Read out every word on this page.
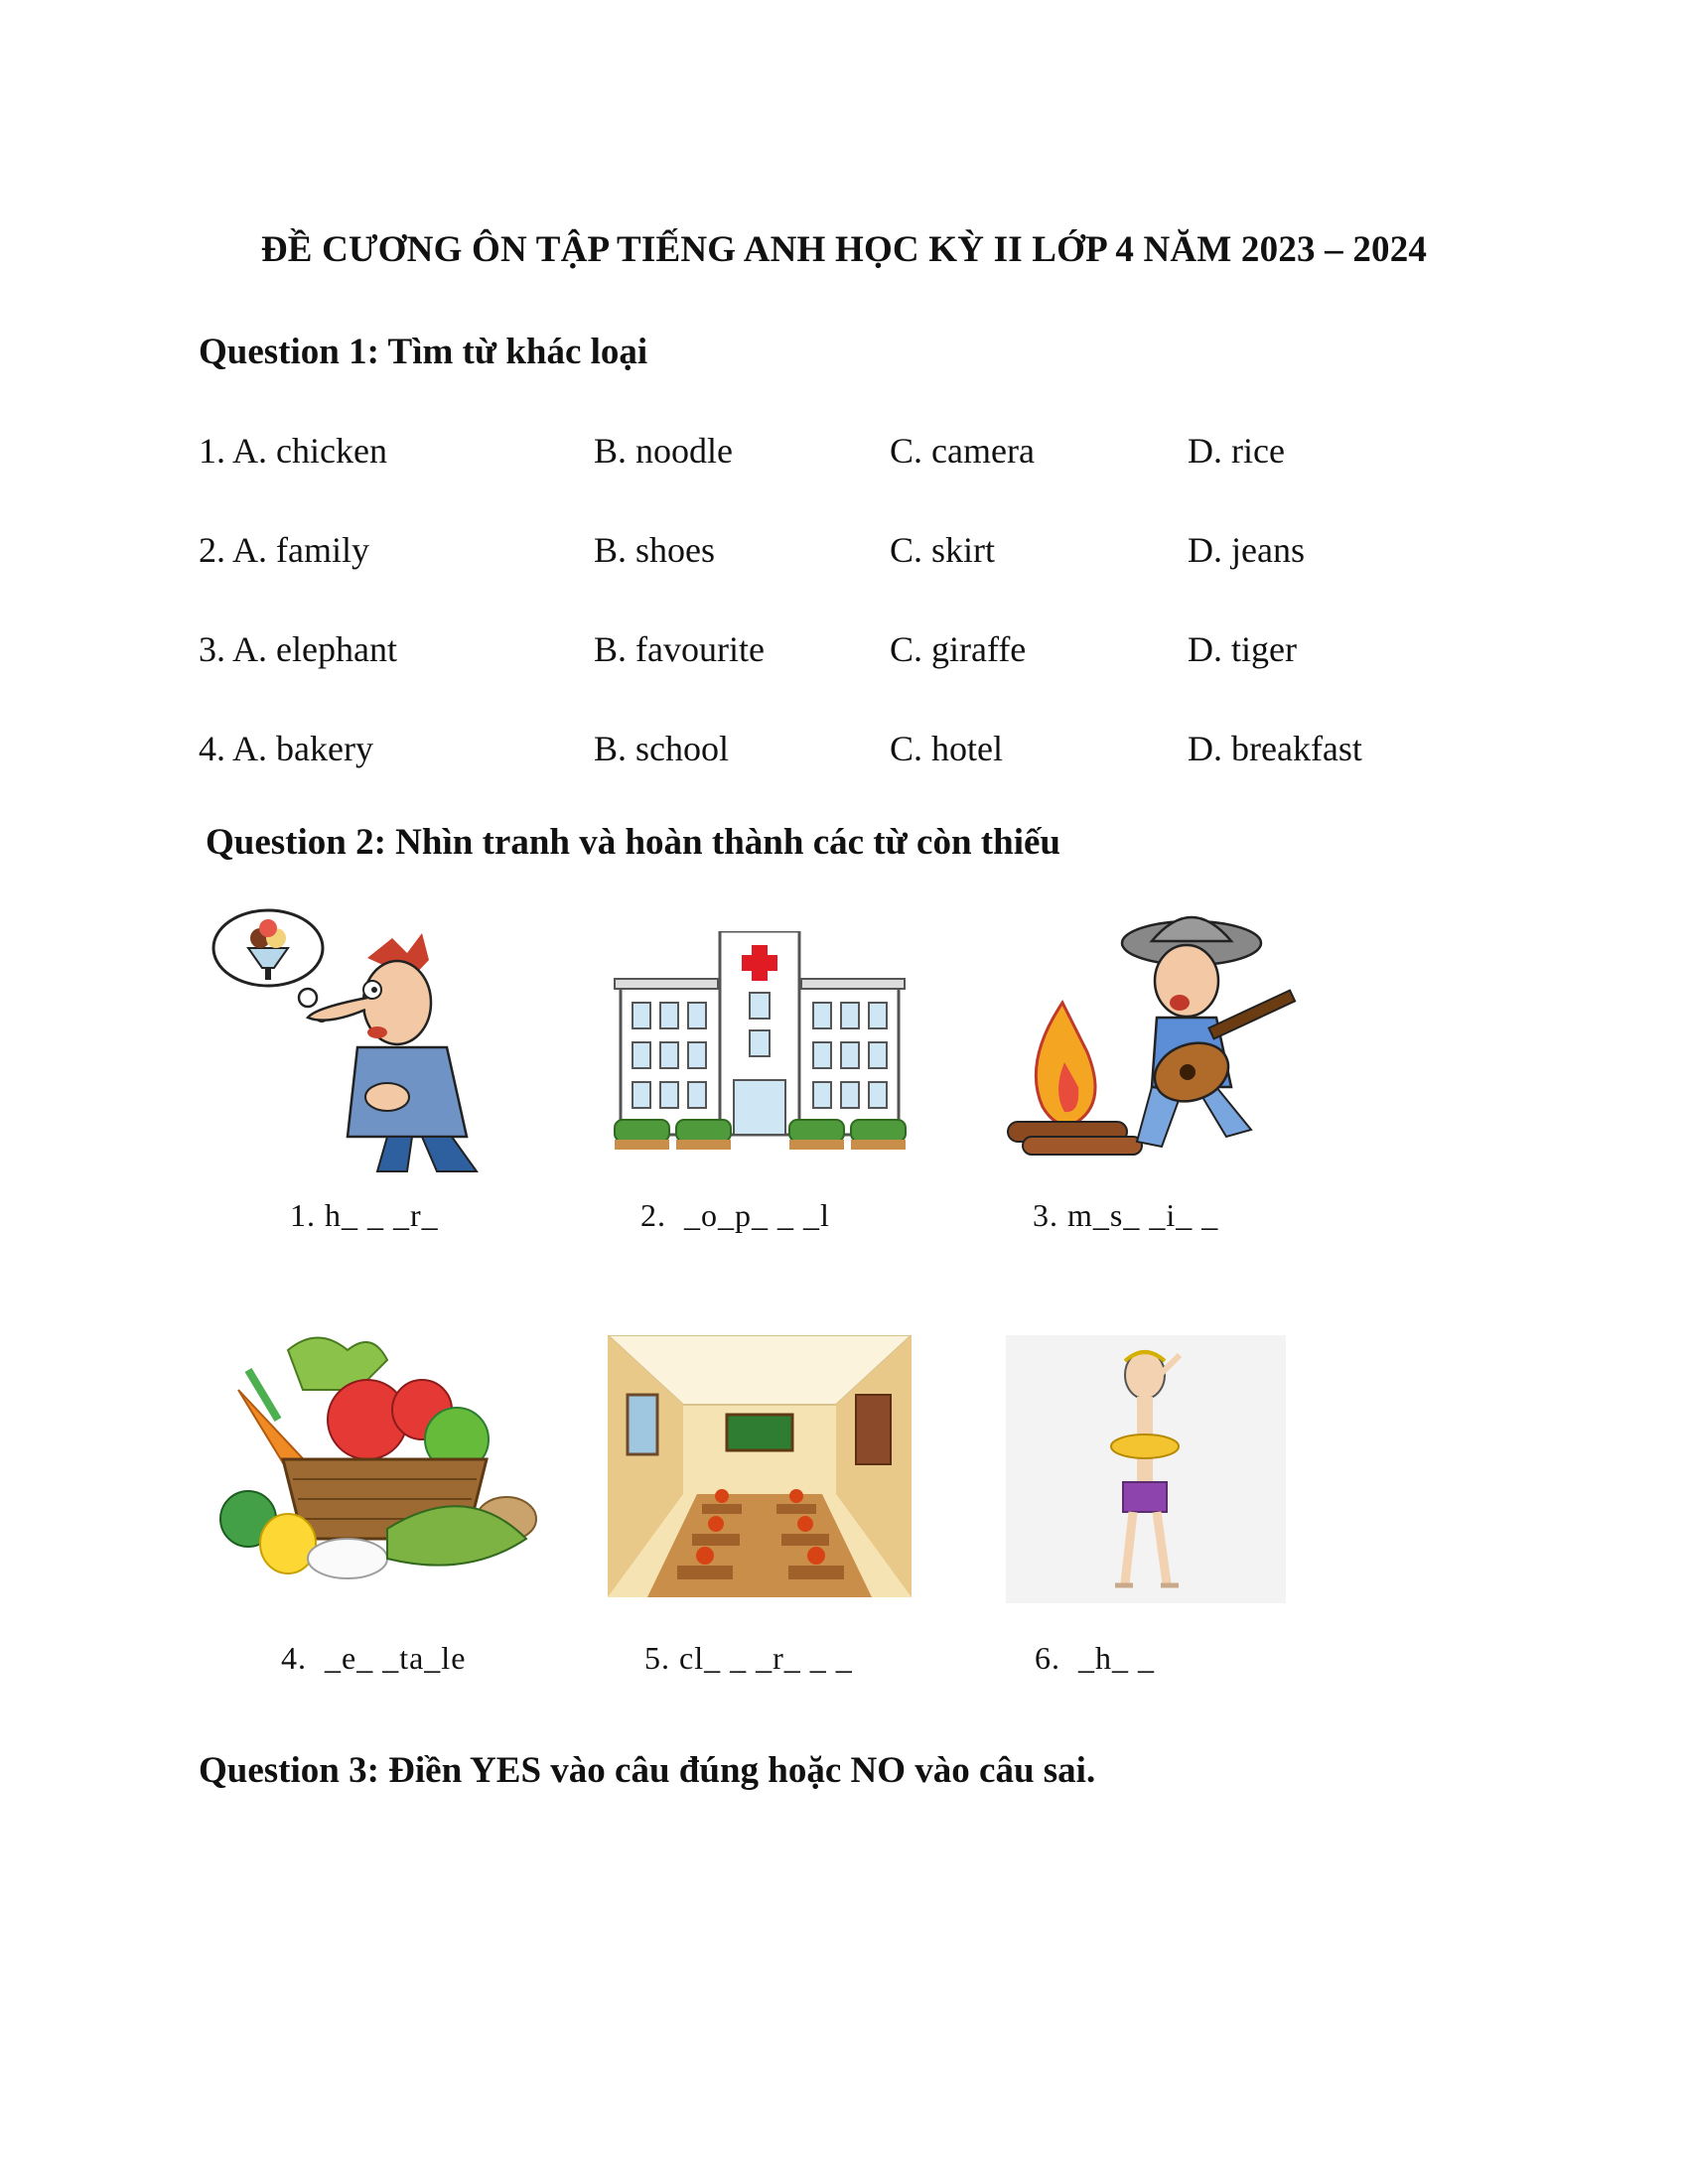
ĐỀ CƯƠNG ÔN TẬP TIẾNG ANH HỌC KỲ II LỚP 4 NĂM 2023 – 2024
Question 1: Tìm từ khác loại
1. A. chicken	B. noodle	C. camera	D. rice
2. A. family	B. shoes	C. skirt	D. jeans
3. A. elephant	B. favourite	C. giraffe	D. tiger
4. A. bakery	B. school	C. hotel	D. breakfast
Question 2: Nhìn tranh và hoàn thành các từ còn thiếu
1. h_ _ _r_	2.  _o_p_ _ _l	3. m_s_ _i_ _
4.  _e_ _ta_le	5. cl_ _ _r_ _ _	6.  _h_ _
Question 3: Điền YES vào câu đúng hoặc NO vào câu sai.
